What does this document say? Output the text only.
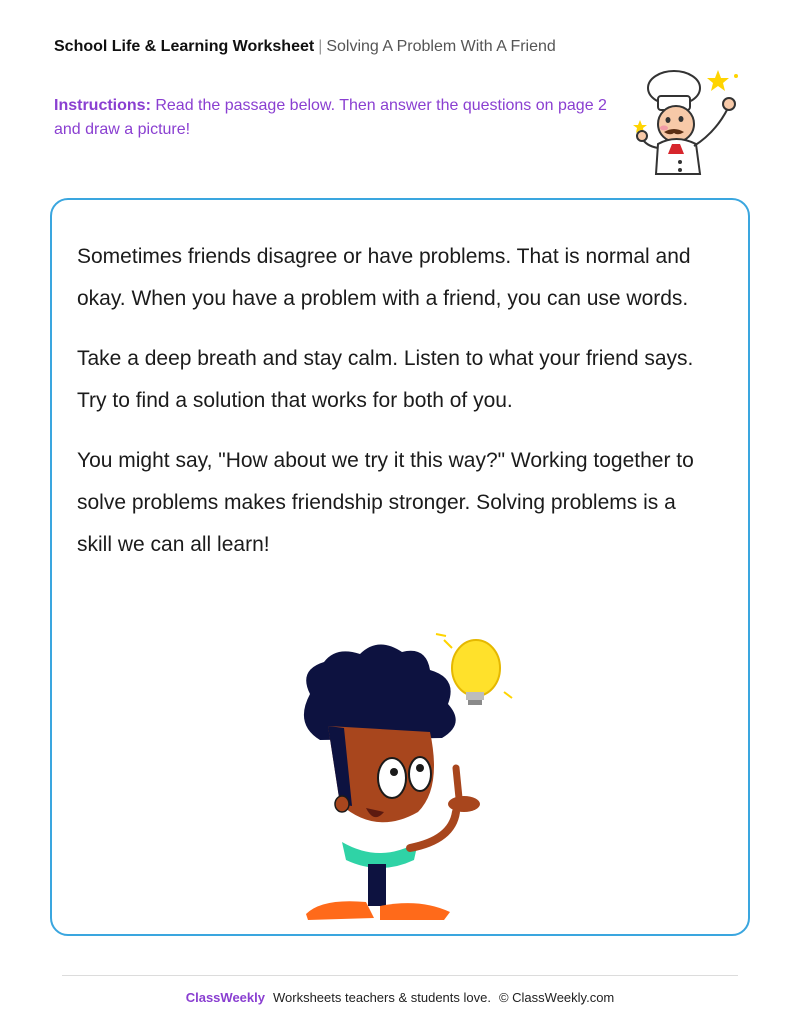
School Life & Learning Worksheet | Solving A Problem With A Friend
Instructions: Read the passage below. Then answer the questions on page 2 and draw a picture!

Sometimes friends disagree or have problems. That is normal and okay. When you have a problem with a friend, you can use words.

Take a deep breath and stay calm. Listen to what your friend says. Try to find a solution that works for both of you.

You might say, "How about we try it this way?" Working together to solve problems makes friendship stronger. Solving problems is a skill we can all learn!

ClassWeekly Worksheets teachers & students love. © ClassWeekly.com
